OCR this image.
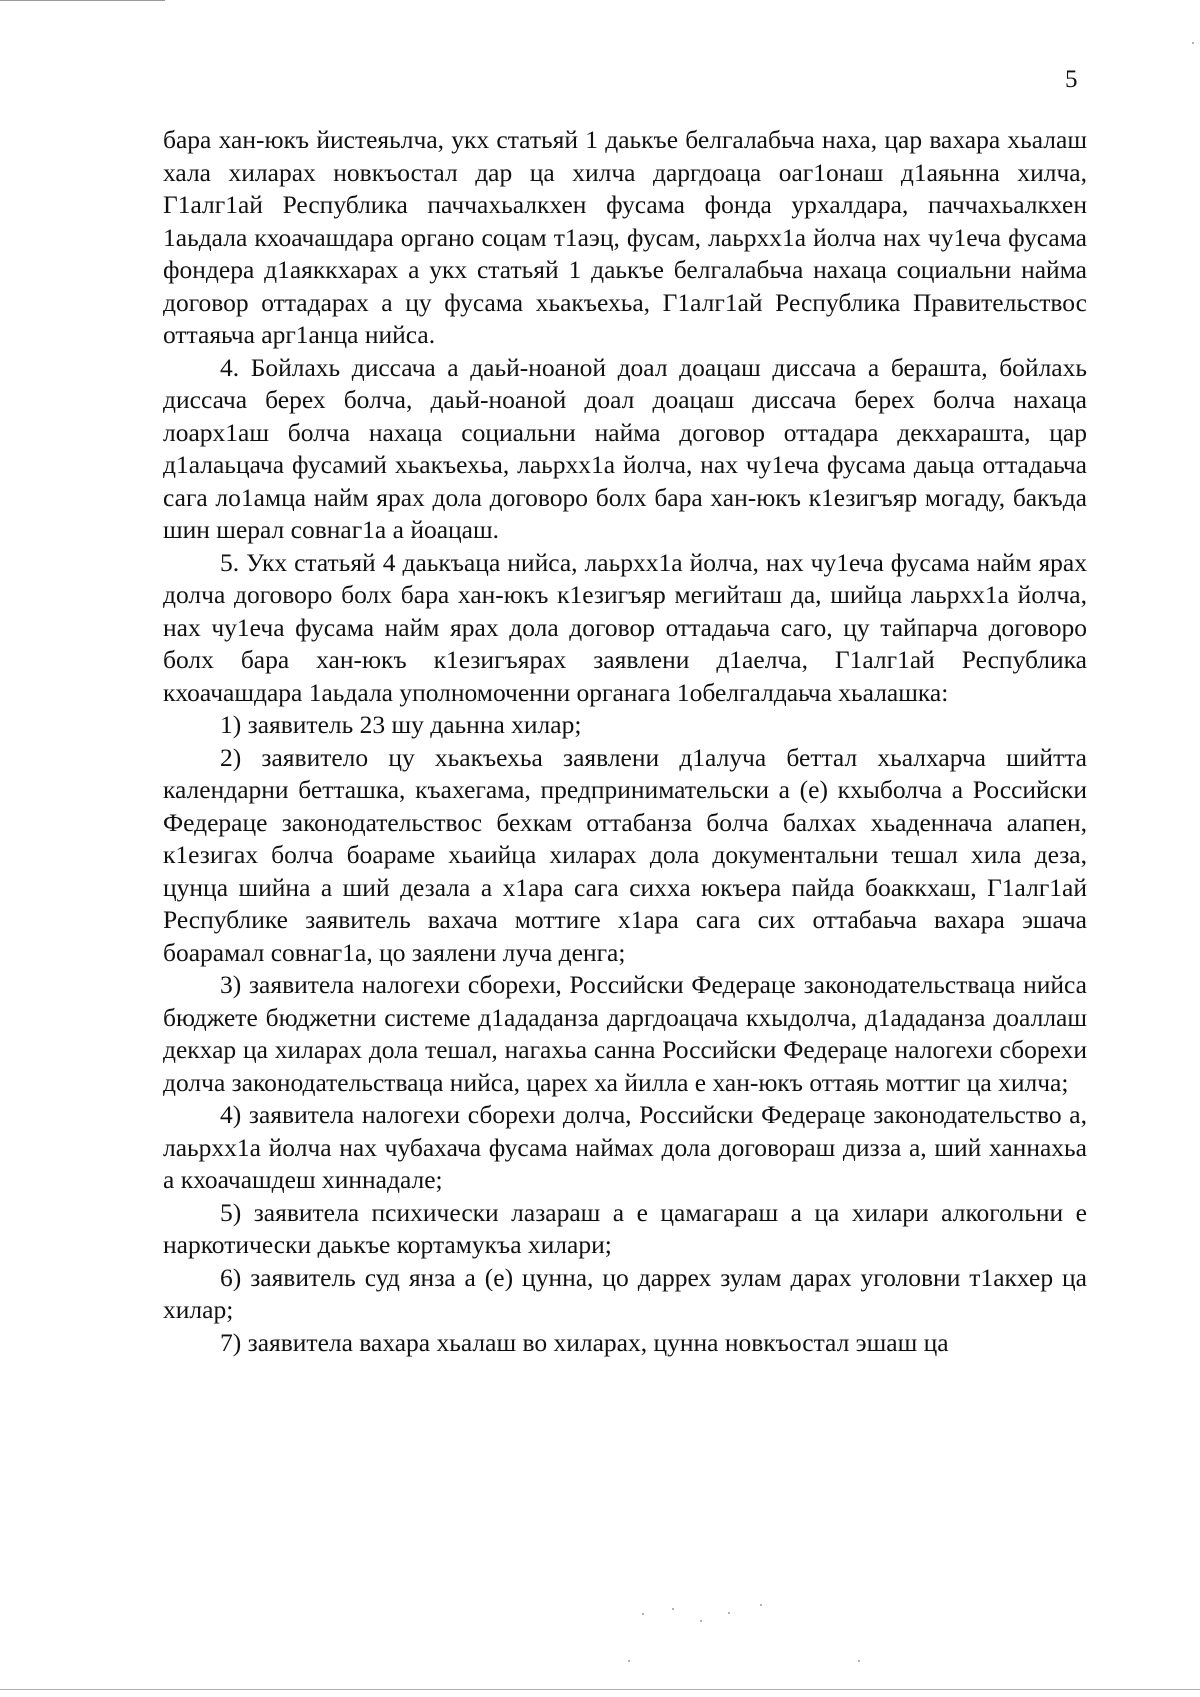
5

бара хан-юкъ йистеяьлча, укх статьяй 1 даькъе белгалабьча наха, цар вахара хьалаш хала хиларах новкъостал дар ца хилча даргдоаца оаг1онаш д1аяьнна хилча, Г1алг1ай Республика паччахьалкхен фусама фонда урхалдара, паччахьалкхен 1аьдала кхоачашдара органо соцам т1аэц, фусам, лаьрхх1а йолча нах чу1еча фусама фондера д1аяккхарах а укх статьяй 1 даькъе белгалабьча нахаца социальни найма договор оттадарах а цу фусама хьакъехьа, Г1алг1ай Республика Правительствос оттаяьча арг1анца нийса.

4. Бойлахь диссача а даьй-ноаной доал доацаш диссача а берашта, бойлахь диссача берех болча, даьй-ноаной доал доацаш диссача берех болча нахаца лоарх1аш болча нахаца социальни найма договор оттадара декхарашта, цар д1алаьцача фусамий хьакъехьа, лаьрхх1а йолча, нах чу1еча фусама даьца оттадаьча сага ло1амца найм ярах дола договоро болх бара хан-юкъ к1езигъяр могаду, бакъда шин шерал совнаг1а а йоацаш.

5. Укх статьяй 4 даькъаца нийса, лаьрхх1а йолча, нах чу1еча фусама найм ярах долча договоро болх бара хан-юкъ к1езигъяр мегийташ да, шийца лаьрхх1а йолча, нах чу1еча фусама найм ярах дола договор оттадаьча саго, цу тайпарча договоро болх бара хан-юкъ к1езигъярах заявлени д1аелча, Г1алг1ай Республика кхоачашдара 1аьдала уполномоченни органага 1обелгалдаьча хьалашка:

1) заявитель 23 шу даьнна хилар;

2) заявитело цу хьакъехьа заявлени д1алуча беттал хьалхарча шийтта календарни бетташка, къахегама, предпринимательски а (е) кхыболча а Российски Федераце законодательствос бехкам оттабанза болча балхах хьаденнача алапен, к1езигах болча боараме хьаийца хиларах дола документальни тешал хила деза, цунца шийна а ший дезала а х1ара сага сихха юкъера пайда боаккхаш, Г1алг1ай Республике заявитель вахача моттиге х1ара сага сих оттабаьча вахара эшача боарамал совнаг1а, цо заялени луча денга;

3) заявитела налогехи сборехи, Российски Федераце законодательстваца нийса бюджете бюджетни системе д1ададанза даргдоацача кхыдолча, д1ададанза доаллаш декхар ца хиларах дола тешал, нагахьа санна Российски Федераце налогехи сборехи долча законодательстваца нийса, царех ха йилла е хан-юкъ оттаяь моттиг ца хилча;

4) заявитела налогехи сборехи долча, Российски Федераце законодательство а, лаьрхх1а йолча нах чубахача фусама наймах дола договораш дизза а, ший ханнахьа а кхоачашдеш хиннадале;

5) заявитела психически лазараш а е цамагараш а ца хилари алкогольни е наркотически даькъе кортамукъа хилари;

6) заявитель суд янза а (е) цунна, цо даррех зулам дарах уголовни т1акхер ца хилар;

7) заявитела вахара хьалаш во хиларах, цунна новкъостал эшаш ца
